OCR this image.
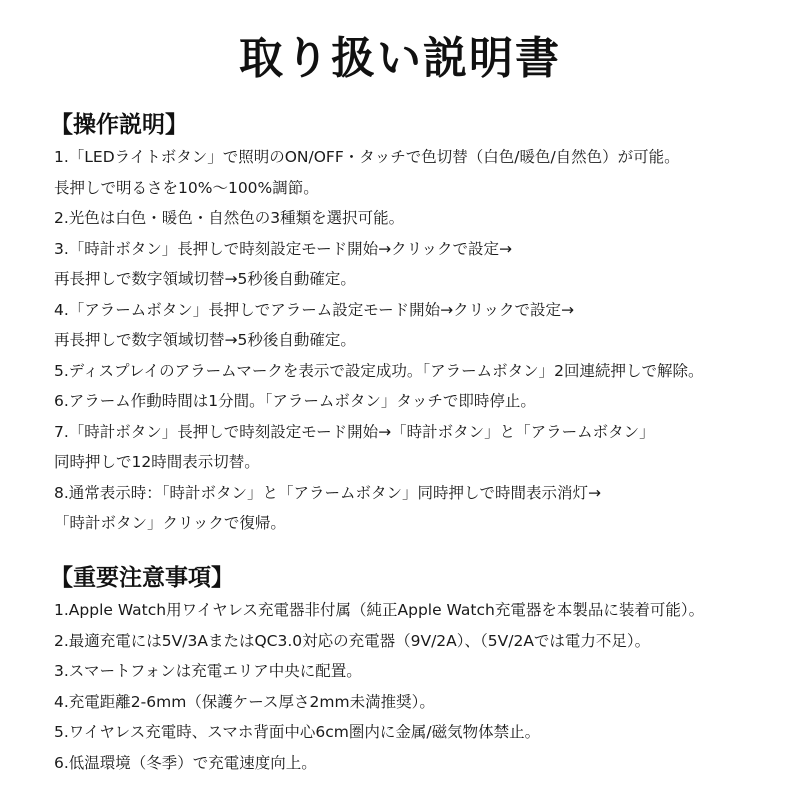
取り扱い説明書
【操作説明】
1.「LEDライトボタン」で照明のON/OFF・タッチで色切替（白色/暖色/自然色）が可能。
長押しで明るさを10%～100%調節。
2.光色は白色・暖色・自然色の3種類を選択可能。
3.「時計ボタン」長押しで時刻設定モード開始→クリックで設定→
再長押しで数字領域切替→5秒後自動確定。
4.「アラームボタン」長押しでアラーム設定モード開始→クリックで設定→
再長押しで数字領域切替→5秒後自動確定。
5.ディスプレイのアラームマークを表示で設定成功。「アラームボタン」2回連続押しで解除。
6.アラーム作動時間は1分間。「アラームボタン」タッチで即時停止。
7.「時計ボタン」長押しで時刻設定モード開始→「時計ボタン」と「アラームボタン」
同時押しで12時間表示切替。
8.通常表示時：「時計ボタン」と「アラームボタン」同時押しで時間表示消灯→
「時計ボタン」クリックで復帰。
【重要注意事項】
1.Apple Watch用ワイヤレス充電器非付属（純正Apple Watch充電器を本製品に装着可能）。
2.最適充電には5V/3AまたはQC3.0対応の充電器（9V/2A）、（5V/2Aでは電力不足）。
3.スマートフォンは充電エリア中央に配置。
4.充電距離2-6mm（保護ケース厚さ2mm未満推奨）。
5.ワイヤレス充電時、スマホ背面中心6cm圏内に金属/磁気物体禁止。
6.低温環境（冬季）で充電速度向上。
